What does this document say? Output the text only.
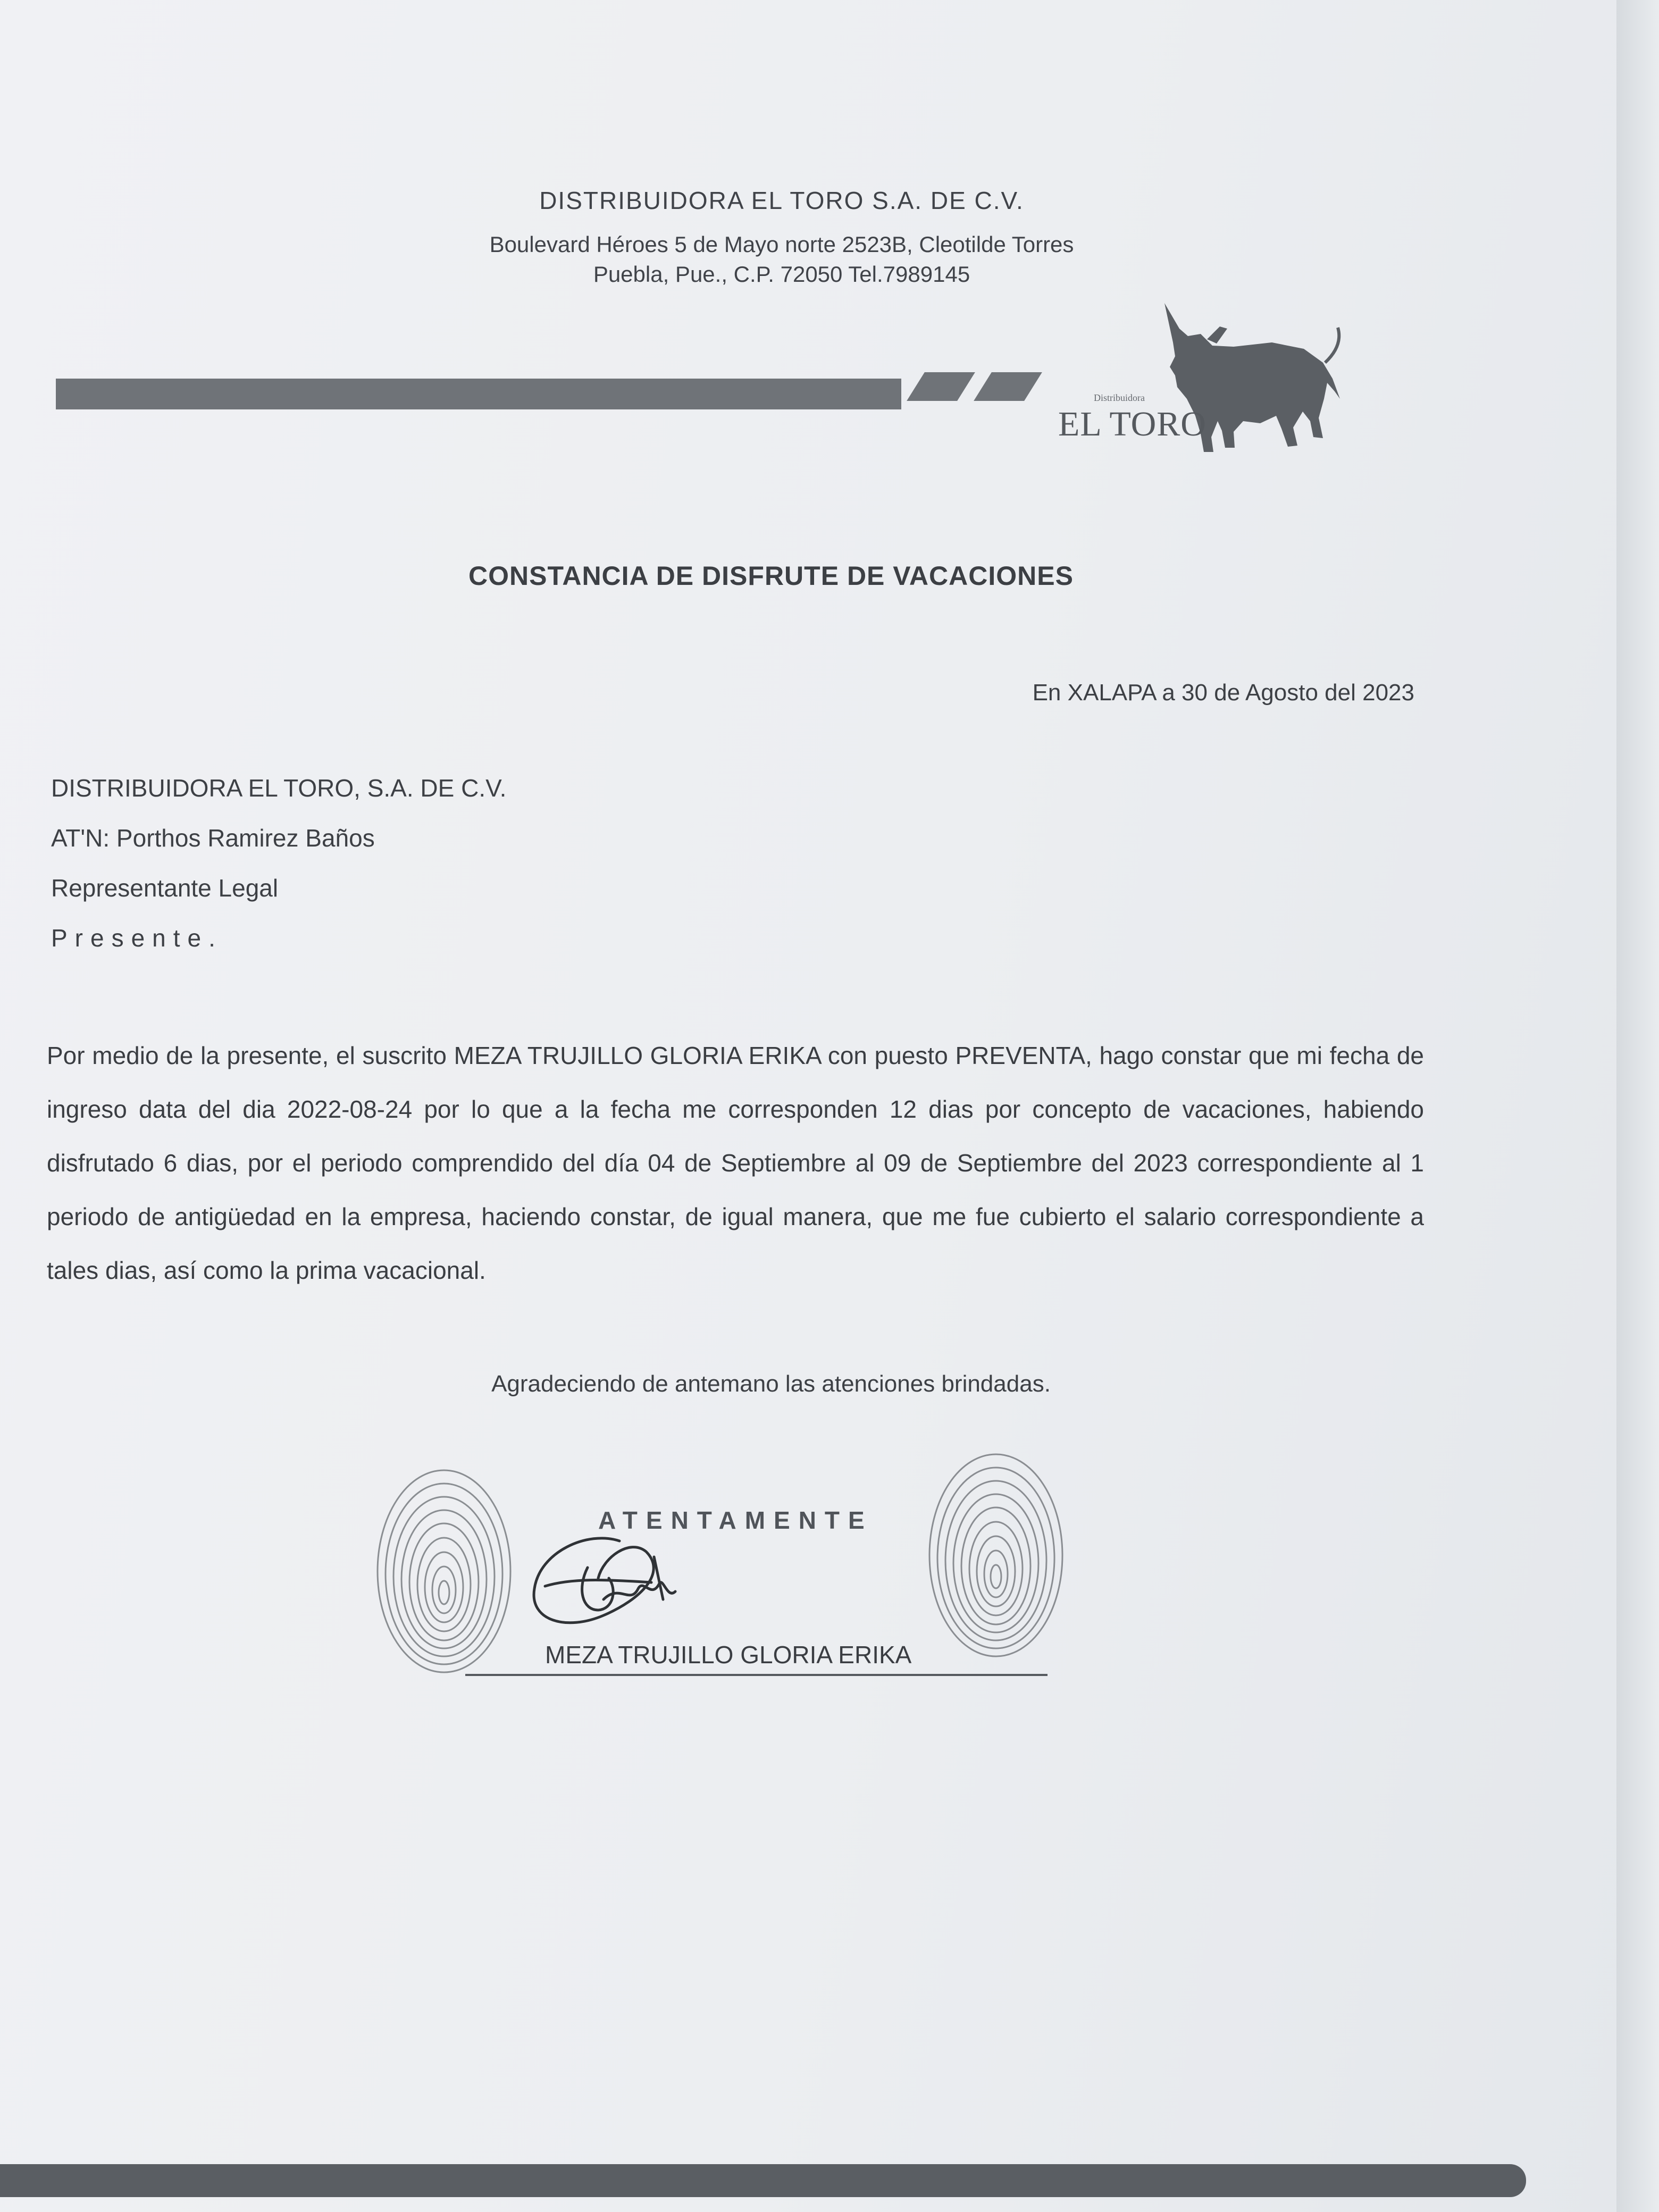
DISTRIBUIDORA EL TORO S.A. DE C.V.
Boulevard Héroes 5 de Mayo norte 2523B, Cleotilde Torres
Puebla, Pue., C.P. 72050 Tel.7989145
Distribuidora
EL TORO
CONSTANCIA DE DISFRUTE DE VACACIONES
En XALAPA a 30 de Agosto del 2023
DISTRIBUIDORA EL TORO, S.A. DE C.V.
AT'N: Porthos Ramirez Baños
Representante Legal
Presente.
Por medio de la presente, el suscrito MEZA TRUJILLO GLORIA ERIKA con puesto PREVENTA, hago constar que mi fecha de ingreso data del dia 2022-08-24 por lo que a la fecha me corresponden 12 dias por concepto de vacaciones, habiendo disfrutado 6 dias, por el periodo comprendido del día 04 de Septiembre al 09 de Septiembre del 2023 correspondiente al 1 periodo de antigüedad en la empresa, haciendo constar, de igual manera, que me fue cubierto el salario correspondiente a tales dias, así como la prima vacacional.
Agradeciendo de antemano las atenciones brindadas.
ATENTAMENTE
MEZA TRUJILLO GLORIA ERIKA
